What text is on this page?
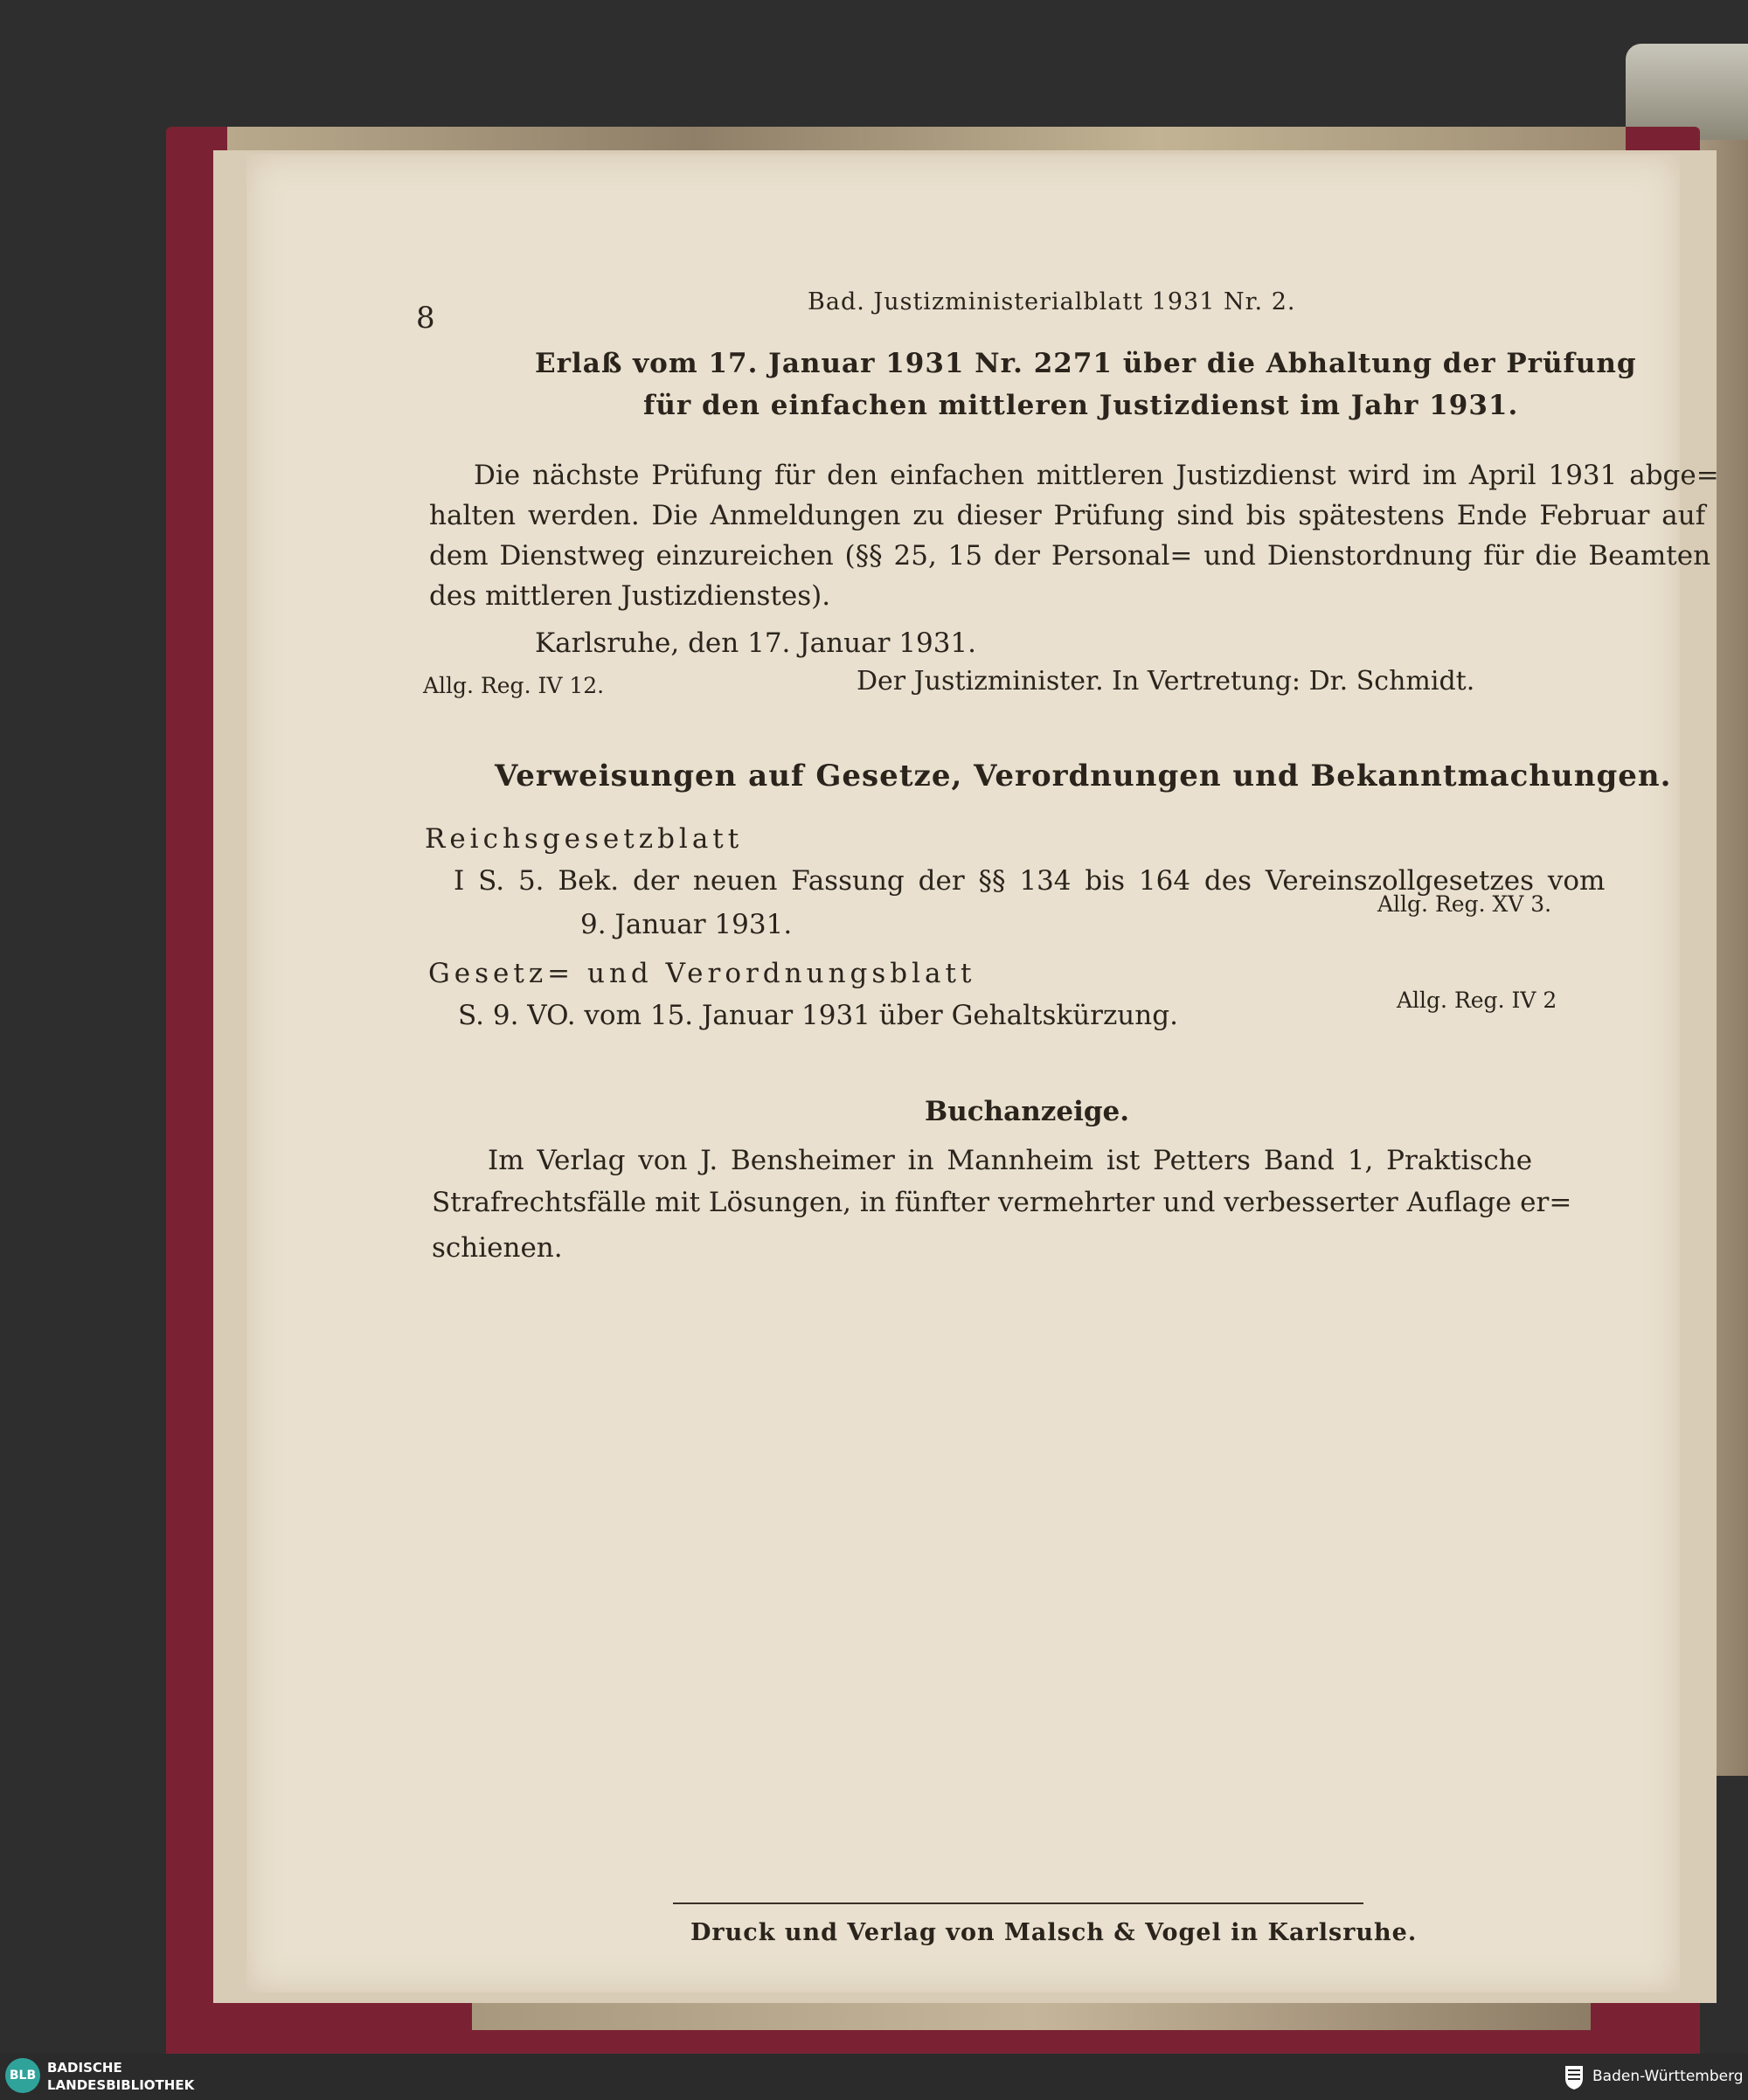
8	Bad. Justizministerialblatt 1931 Nr. 2.
Erlaß vom 17. Januar 1931 Nr. 2271 über die Abhaltung der Prüfung
für den einfachen mittleren Justizdienst im Jahr 1931.
Die nächste Prüfung für den einfachen mittleren Justizdienst wird im April 1931 abge=
halten werden. Die Anmeldungen zu dieser Prüfung sind bis spätestens Ende Februar auf
dem Dienstweg einzureichen (§§ 25, 15 der Personal= und Dienstordnung für die Beamten
des mittleren Justizdienstes).
Karlsruhe, den 17. Januar 1931.
Allg. Reg. IV 12.	Der Justizminister. In Vertretung: Dr. Schmidt.
Verweisungen auf Gesetze, Verordnungen und Bekanntmachungen.
Reichsgesetzblatt
I S. 5. Bek. der neuen Fassung der §§ 134 bis 164 des Vereinszollgesetzes vom
Allg. Reg. XV 3.
9. Januar 1931.
Gesetz= und Verordnungsblatt
S. 9. VO. vom 15. Januar 1931 über Gehaltskürzung.	Allg. Reg. IV 2
Buchanzeige.
Im Verlag von J. Bensheimer in Mannheim ist Petters Band 1, Praktische
Strafrechtsfälle mit Lösungen, in fünfter vermehrter und verbesserter Auflage er=
schienen.
Druck und Verlag von Malsch & Vogel in Karlsruhe.
BLB BADISCHE
LANDESBIBLIOTHEK	Baden-Württemberg
